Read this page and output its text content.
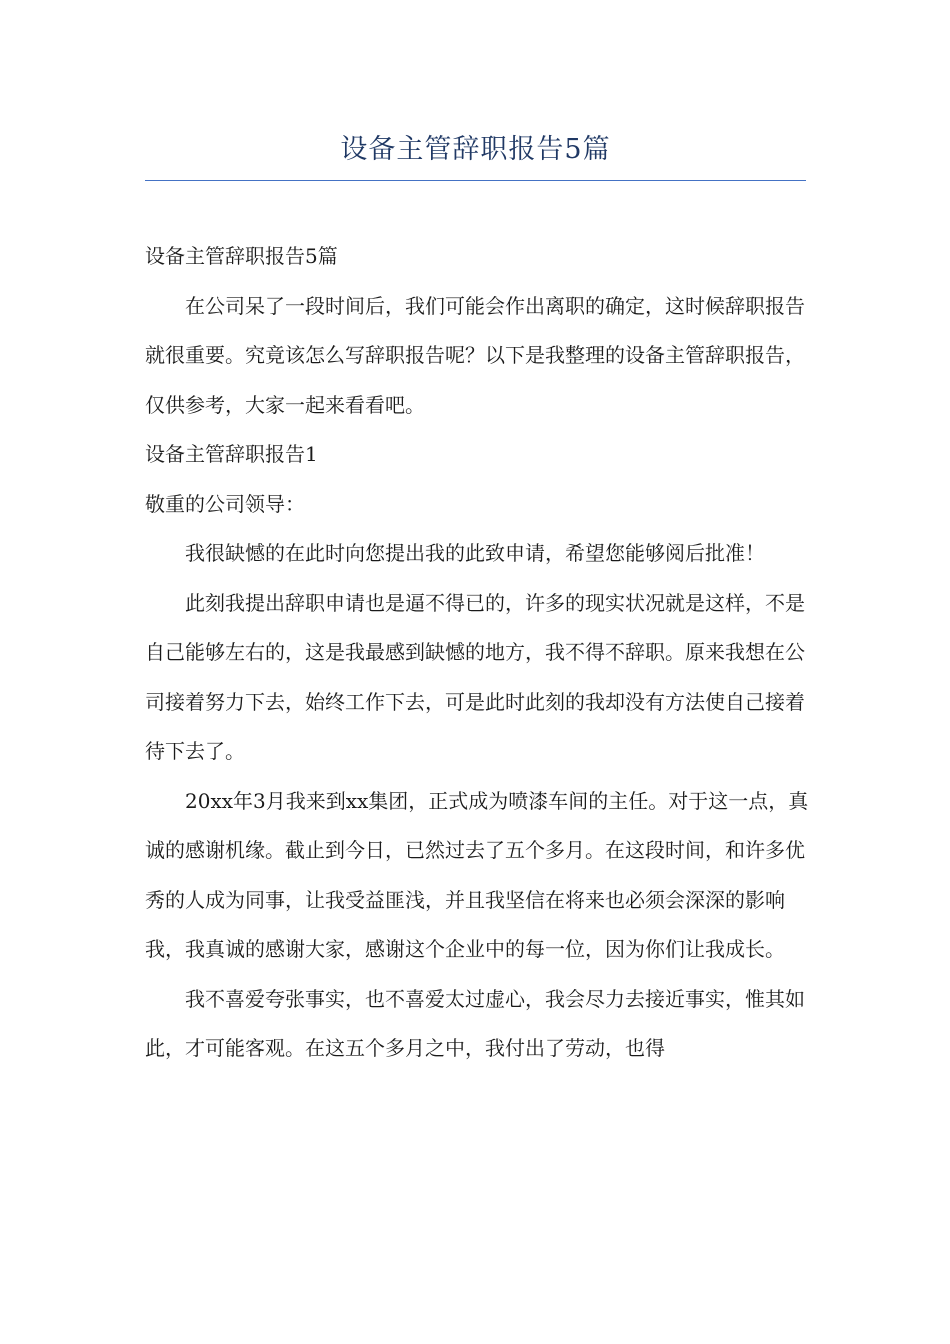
设备主管辞职报告5篇

设备主管辞职报告5篇

在公司呆了一段时间后，我们可能会作出离职的确定，这时候辞职报告就很重要。究竟该怎么写辞职报告呢？以下是我整理的设备主管辞职报告，仅供参考，大家一起来看看吧。

设备主管辞职报告1

敬重的公司领导：

我很缺憾的在此时向您提出我的此致申请，希望您能够阅后批准！

此刻我提出辞职申请也是逼不得已的，许多的现实状况就是这样，不是自己能够左右的，这是我最感到缺憾的地方，我不得不辞职。原来我想在公司接着努力下去，始终工作下去，可是此时此刻的我却没有方法使自己接着待下去了。

20xx年3月我来到xx集团，正式成为喷漆车间的主任。对于这一点，真诚的感谢机缘。截止到今日，已然过去了五个多月。在这段时间，和许多优秀的人成为同事，让我受益匪浅，并且我坚信在将来也必须会深深的影响我，我真诚的感谢大家，感谢这个企业中的每一位，因为你们让我成长。

我不喜爱夸张事实，也不喜爱太过虚心，我会尽力去接近事实，惟其如此，才可能客观。在这五个多月之中，我付出了劳动，也得
